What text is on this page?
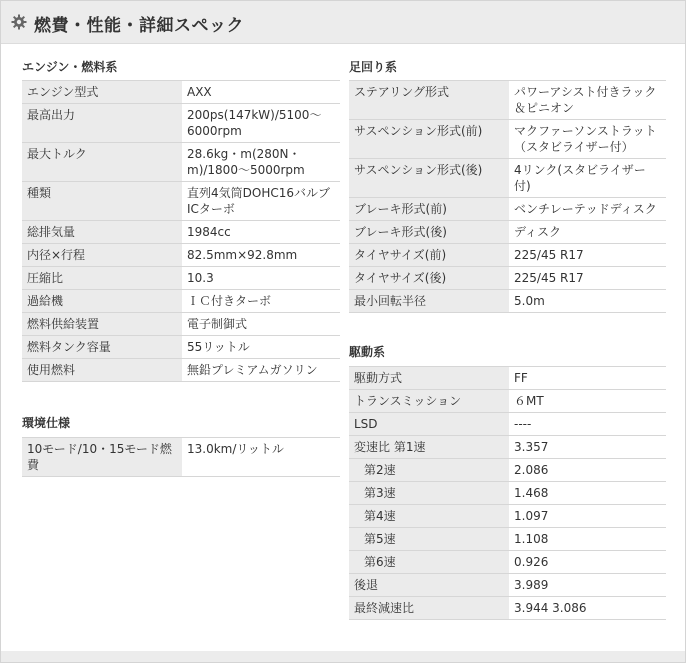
燃費・性能・詳細スペック
エンジン・燃料系
エンジン型式	AXX
最高出力	200ps(147kW)/5100～6000rpm
最大トルク	28.6kg・m(280N・m)/1800～5000rpm
種類	直列4気筒DOHC16バルブICターボ
総排気量	1984cc
内径×行程	82.5mm×92.8mm
圧縮比	10.3
過給機	ＩＣ付きターボ
燃料供給装置	電子制御式
燃料タンク容量	55リットル
使用燃料	無鉛プレミアムガソリン
環境仕様
10モード/10・15モード燃費	13.0km/リットル
足回り系
ステアリング形式	パワーアシスト付きラック＆ピニオン
サスペンション形式(前)	マクファーソンストラット（スタビライザー付）
サスペンション形式(後)	4リンク(スタビライザー付)
ブレーキ形式(前)	ベンチレーテッドディスク
ブレーキ形式(後)	ディスク
タイヤサイズ(前)	225/45 R17
タイヤサイズ(後)	225/45 R17
最小回転半径	5.0m
駆動系
駆動方式	FF
トランスミッション	６MT
LSD	----
変速比 第1速	3.357
第2速	2.086
第3速	1.468
第4速	1.097
第5速	1.108
第6速	0.926
後退	3.989
最終減速比	3.944 3.086
